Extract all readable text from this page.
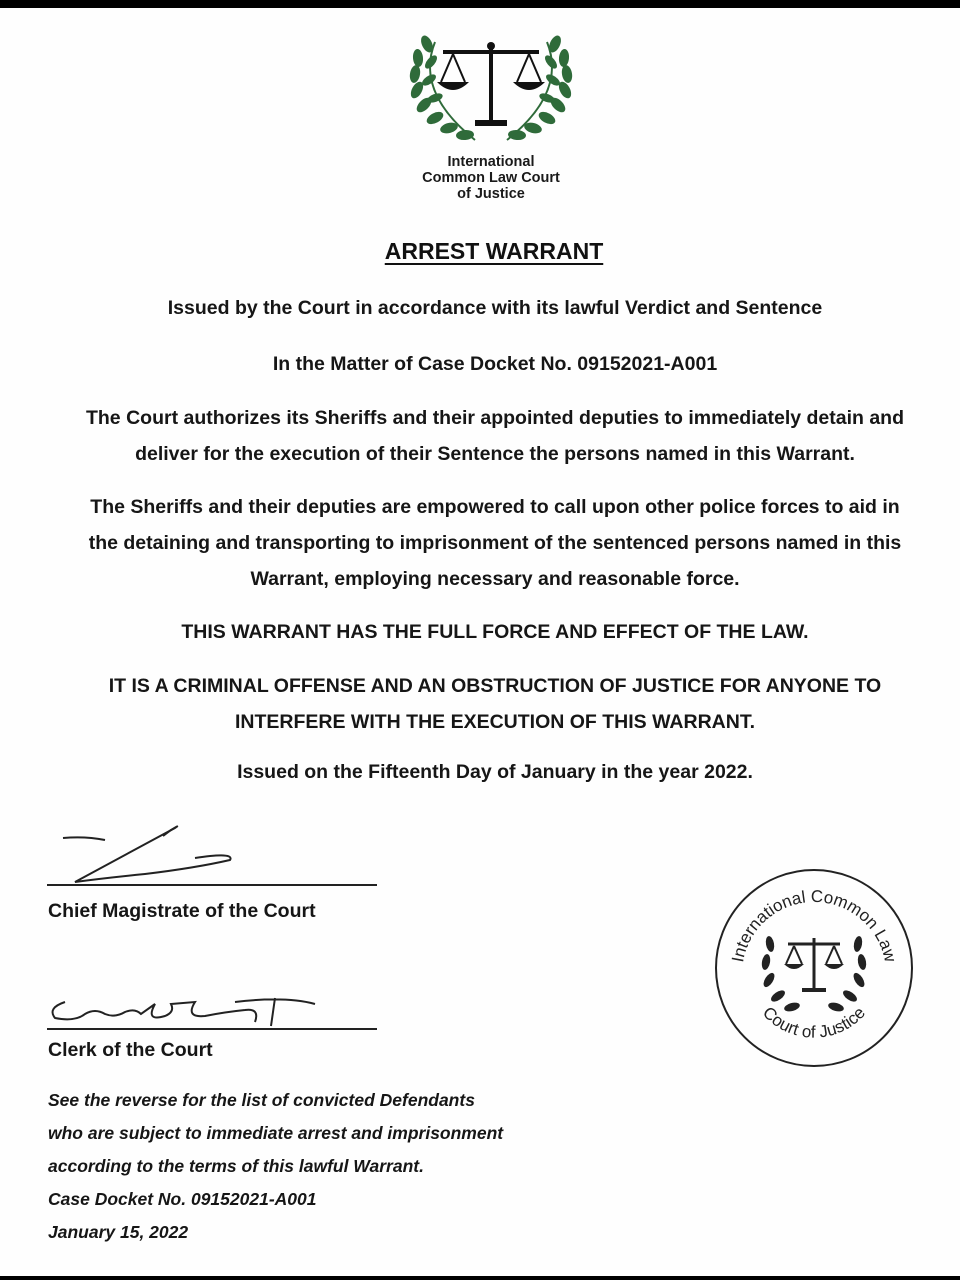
International
Common Law Court
of Justice
ARREST WARRANT
Issued by the Court in accordance with its lawful Verdict and Sentence
In the Matter of Case Docket No. 09152021-A001
The Court authorizes its Sheriffs and their appointed deputies to immediately detain and
deliver for the execution of their Sentence the persons named in this Warrant.
The Sheriffs and their deputies are empowered to call upon other police forces to aid in
the detaining and transporting to imprisonment of the sentenced persons named in this
Warrant, employing necessary and reasonable force.
THIS WARRANT HAS THE FULL FORCE AND EFFECT OF THE LAW.
IT IS A CRIMINAL OFFENSE AND AN OBSTRUCTION OF JUSTICE FOR ANYONE TO
INTERFERE WITH THE EXECUTION OF THIS WARRANT.
Issued on the Fifteenth Day of January in the year 2022.
Chief Magistrate of the Court
Clerk of the Court
See the reverse for the list of convicted Defendants
who are subject to immediate arrest and imprisonment
according to the terms of this lawful Warrant.
Case Docket No. 09152021-A001
January 15, 2022
International Common Law
Court of Justice
